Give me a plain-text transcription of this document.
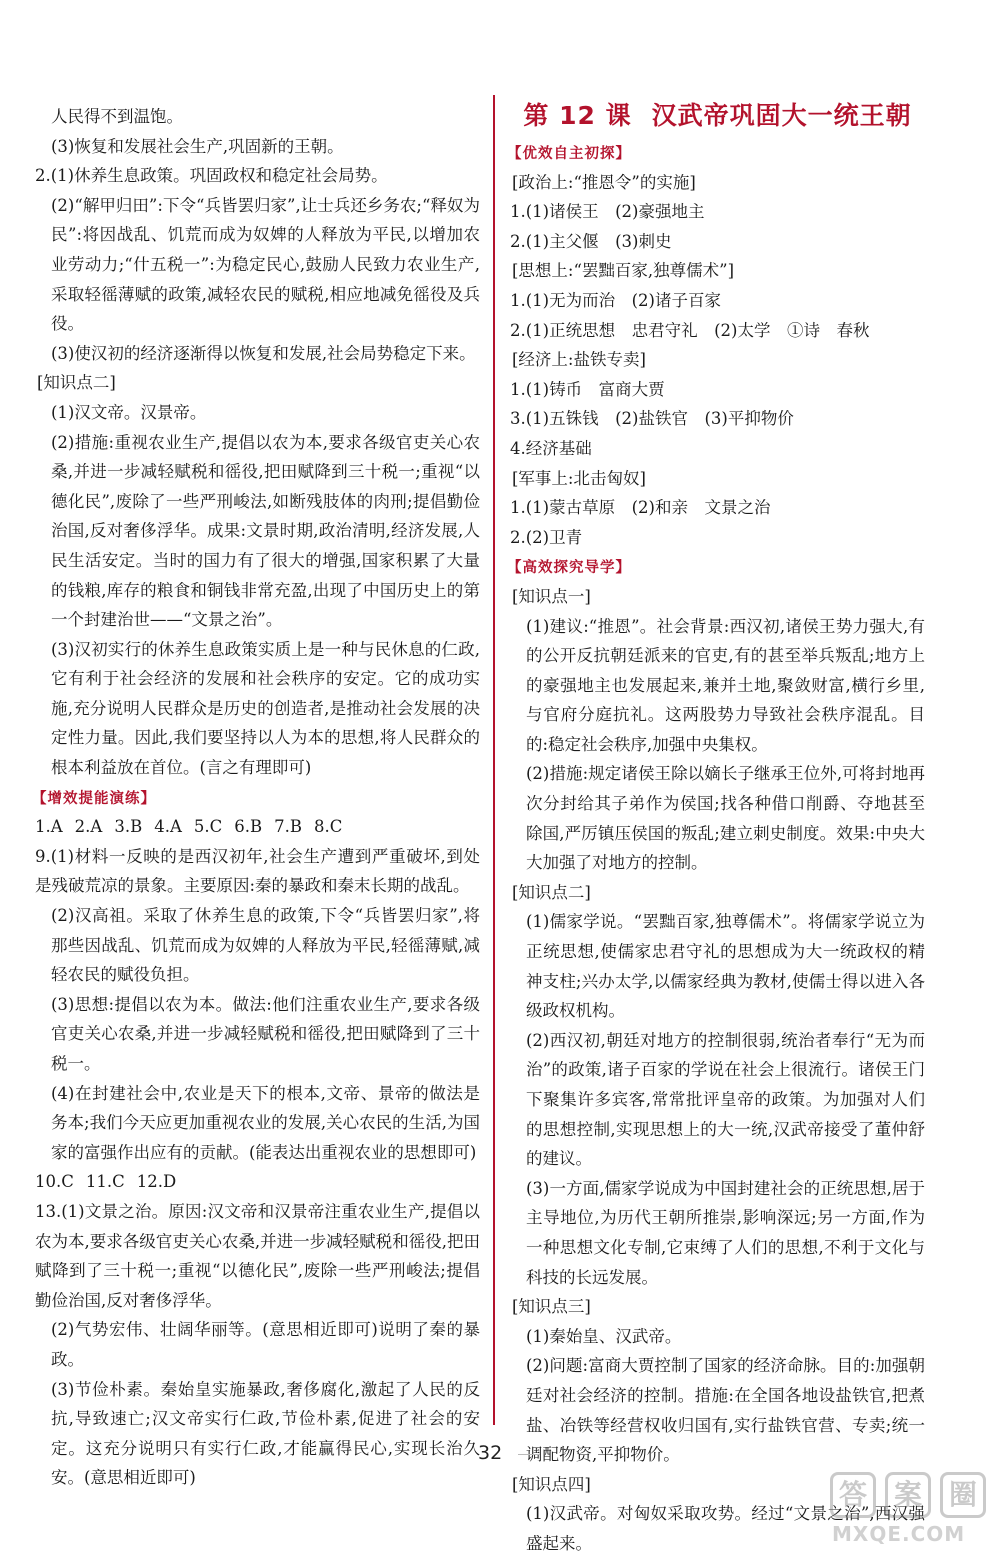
人民得不到温饱。

(3)恢复和发展社会生产,巩固新的王朝。

2.(1)休养生息政策。巩固政权和稳定社会局势。

(2)“解甲归田”:下令“兵皆罢归家”,让士兵还乡务农;“释奴为民”:将因战乱、饥荒而成为奴婢的人释放为平民,以增加农业劳动力;“什五税一”:为稳定民心,鼓励人民致力农业生产,采取轻徭薄赋的政策,减轻农民的赋税,相应地减免徭役及兵役。

(3)使汉初的经济逐渐得以恢复和发展,社会局势稳定下来。

[知识点二]

(1)汉文帝。汉景帝。

(2)措施:重视农业生产,提倡以农为本,要求各级官吏关心农桑,并进一步减轻赋税和徭役,把田赋降到三十税一;重视“以德化民”,废除了一些严刑峻法,如断残肢体的肉刑;提倡勤俭治国,反对奢侈浮华。成果:文景时期,政治清明,经济发展,人民生活安定。当时的国力有了很大的增强,国家积累了大量的钱粮,库存的粮食和铜钱非常充盈,出现了中国历史上的第一个封建治世——“文景之治”。

(3)汉初实行的休养生息政策实质上是一种与民休息的仁政,它有利于社会经济的发展和社会秩序的安定。它的成功实施,充分说明人民群众是历史的创造者,是推动社会发展的决定性力量。因此,我们要坚持以人为本的思想,将人民群众的根本利益放在首位。(言之有理即可)

【增效提能演练】
1.A 2.A 3.B 4.A 5.C 6.B 7.B 8.C

9.(1)材料一反映的是西汉初年,社会生产遭到严重破坏,到处是残破荒凉的景象。主要原因:秦的暴政和秦末长期的战乱。

(2)汉高祖。采取了休养生息的政策,下令“兵皆罢归家”,将那些因战乱、饥荒而成为奴婢的人释放为平民,轻徭薄赋,减轻农民的赋役负担。

(3)思想:提倡以农为本。做法:他们注重农业生产,要求各级官吏关心农桑,并进一步减轻赋税和徭役,把田赋降到了三十税一。

(4)在封建社会中,农业是天下的根本,文帝、景帝的做法是务本;我们今天应更加重视农业的发展,关心农民的生活,为国家的富强作出应有的贡献。(能表达出重视农业的思想即可)

10.C 11.C 12.D

13.(1)文景之治。原因:汉文帝和汉景帝注重农业生产,提倡以农为本,要求各级官吏关心农桑,并进一步减轻赋税和徭役,把田赋降到了三十税一;重视“以德化民”,废除一些严刑峻法;提倡勤俭治国,反对奢侈浮华。

(2)气势宏伟、壮阔华丽等。(意思相近即可)说明了秦的暴政。

(3)节俭朴素。秦始皇实施暴政,奢侈腐化,激起了人民的反抗,导致速亡;汉文帝实行仁政,节俭朴素,促进了社会的安定。这充分说明只有实行仁政,才能赢得民心,实现长治久安。(意思相近即可)

第 12 课 汉武帝巩固大一统王朝
【优效自主初探】

[政治上:“推恩令”的实施]

1.(1)诸侯王　(2)豪强地主

2.(1)主父偃　(3)刺史

[思想上:“罢黜百家,独尊儒术”]

1.(1)无为而治　(2)诸子百家

2.(1)正统思想　忠君守礼　(2)太学　①诗　春秋

[经济上:盐铁专卖]

1.(1)铸币　富商大贾

3.(1)五铢钱　(2)盐铁官　(3)平抑物价

4.经济基础

[军事上:北击匈奴]

1.(1)蒙古草原　(2)和亲　文景之治

2.(2)卫青

【高效探究导学】

[知识点一]

(1)建议:“推恩”。社会背景:西汉初,诸侯王势力强大,有的公开反抗朝廷派来的官吏,有的甚至举兵叛乱;地方上的豪强地主也发展起来,兼并土地,聚敛财富,横行乡里,与官府分庭抗礼。这两股势力导致社会秩序混乱。目的:稳定社会秩序,加强中央集权。

(2)措施:规定诸侯王除以嫡长子继承王位外,可将封地再次分封给其子弟作为侯国;找各种借口削爵、夺地甚至除国,严厉镇压侯国的叛乱;建立刺史制度。效果:中央大大加强了对地方的控制。

[知识点二]

(1)儒家学说。“罢黜百家,独尊儒术”。将儒家学说立为正统思想,使儒家忠君守礼的思想成为大一统政权的精神支柱;兴办太学,以儒家经典为教材,使儒士得以进入各级政权机构。

(2)西汉初,朝廷对地方的控制很弱,统治者奉行“无为而治”的政策,诸子百家的学说在社会上很流行。诸侯王门下聚集许多宾客,常常批评皇帝的政策。为加强对人们的思想控制,实现思想上的大一统,汉武帝接受了董仲舒的建议。

(3)一方面,儒家学说成为中国封建社会的正统思想,居于主导地位,为历代王朝所推崇,影响深远;另一方面,作为一种思想文化专制,它束缚了人们的思想,不利于文化与科技的长远发展。

[知识点三]

(1)秦始皇、汉武帝。

(2)问题:富商大贾控制了国家的经济命脉。目的:加强朝廷对社会经济的控制。措施:在全国各地设盐铁官,把煮盐、冶铁等经营权收归国有,实行盐铁官营、专卖;统一调配物资,平抑物价。

[知识点四]

(1)汉武帝。对匈奴采取攻势。经过“文景之治”,西汉强盛起来。

32
答 案 圈
MXQE.COM
